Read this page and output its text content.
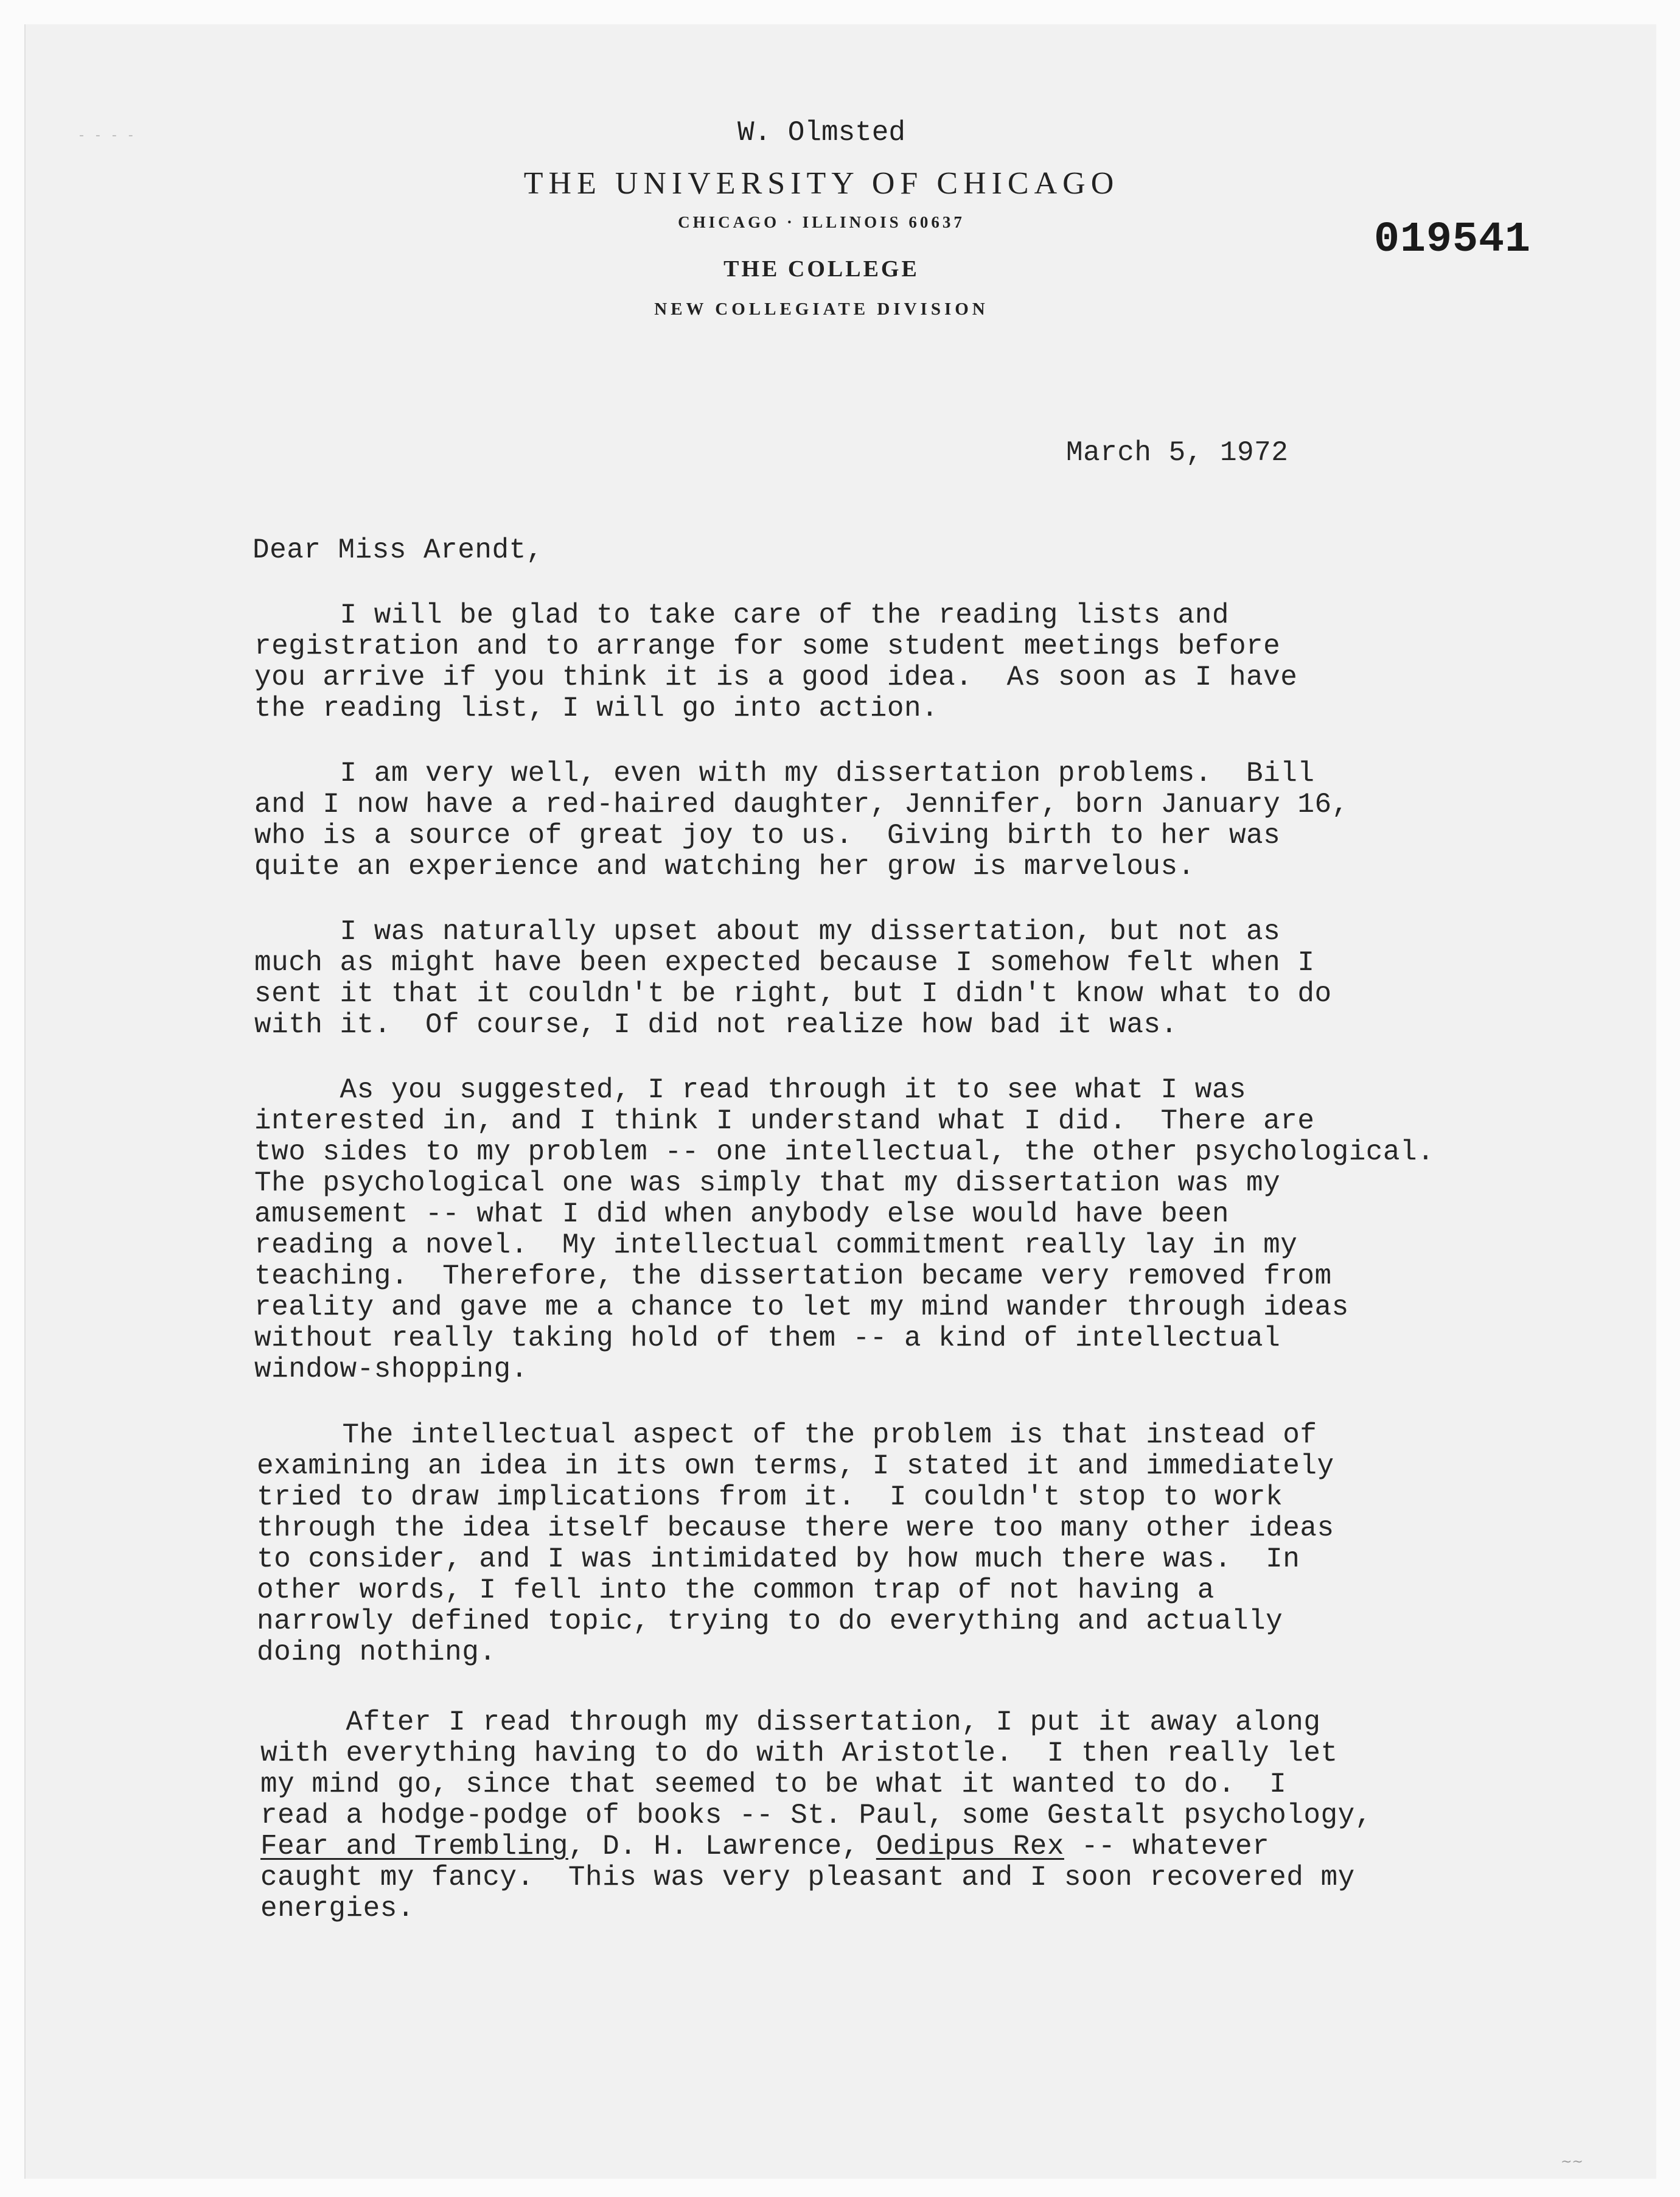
- - - -	W. Olmsted
THE UNIVERSITY OF CHICAGO
CHICAGO · ILLINOIS 60637
THE COLLEGE
NEW COLLEGIATE DIVISION
019541
March 5, 1972
Dear Miss Arendt,
I will be glad to take care of the reading lists and
registration and to arrange for some student meetings before
you arrive if you think it is a good idea.  As soon as I have
the reading list, I will go into action.
I am very well, even with my dissertation problems.  Bill
and I now have a red-haired daughter, Jennifer, born January 16,
who is a source of great joy to us.  Giving birth to her was
quite an experience and watching her grow is marvelous.
I was naturally upset about my dissertation, but not as
much as might have been expected because I somehow felt when I
sent it that it couldn't be right, but I didn't know what to do
with it.  Of course, I did not realize how bad it was.
As you suggested, I read through it to see what I was
interested in, and I think I understand what I did.  There are
two sides to my problem -- one intellectual, the other psychological.
The psychological one was simply that my dissertation was my
amusement -- what I did when anybody else would have been
reading a novel.  My intellectual commitment really lay in my
teaching.  Therefore, the dissertation became very removed from
reality and gave me a chance to let my mind wander through ideas
without really taking hold of them -- a kind of intellectual
window-shopping.
The intellectual aspect of the problem is that instead of
examining an idea in its own terms, I stated it and immediately
tried to draw implications from it.  I couldn't stop to work
through the idea itself because there were too many other ideas
to consider, and I was intimidated by how much there was.  In
other words, I fell into the common trap of not having a
narrowly defined topic, trying to do everything and actually
doing nothing.
After I read through my dissertation, I put it away along
with everything having to do with Aristotle.  I then really let
my mind go, since that seemed to be what it wanted to do.  I
read a hodge-podge of books -- St. Paul, some Gestalt psychology,
Fear and Trembling, D. H. Lawrence, Oedipus Rex -- whatever
caught my fancy.  This was very pleasant and I soon recovered my
energies.
~~
